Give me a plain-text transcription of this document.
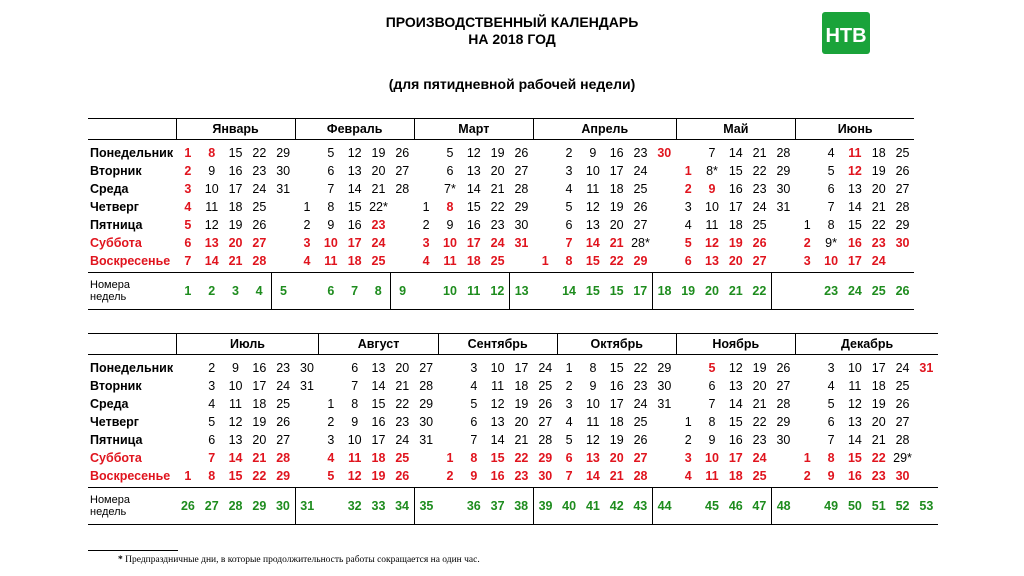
ПРОИЗВОДСТВЕННЫЙ КАЛЕНДАРЬ
НА 2018 ГОД
(для пятидневной рабочей недели)
НТВ
	Январь					Февраль					Март					Апрель						Май					Июнь				
Понедельник	1	8	15	22	29		5	12	19	26		5	12	19	26		2	9	16	23	30		7	14	21	28		4	11	18	25
Вторник	2	9	16	23	30		6	13	20	27		6	13	20	27		3	10	17	24		1	8*	15	22	29		5	12	19	26
Среда	3	10	17	24	31		7	14	21	28		7*	14	21	28		4	11	18	25		2	9	16	23	30		6	13	20	27
Четверг	4	11	18	25		1	8	15	22*		1	8	15	22	29		5	12	19	26		3	10	17	24	31		7	14	21	28
Пятница	5	12	19	26		2	9	16	23		2	9	16	23	30		6	13	20	27		4	11	18	25		1	8	15	22	29
Суббота	6	13	20	27		3	10	17	24		3	10	17	24	31		7	14	21	28*		5	12	19	26		2	9*	16	23	30
Воскресенье	7	14	21	28		4	11	18	25		4	11	18	25		1	8	15	22	29		6	13	20	27		3	10	17	24	
Номера
недель	1	2	3	4	5		6	7	8	9		10	11	12	13		14	15	15	17	18	19	20	21	22			23	24	25	26
	Июль						Август					Сентябрь					Октябрь					Ноябрь					Декабрь					
Понедельник		2	9	16	23	30		6	13	20	27		3	10	17	24	1	8	15	22	29		5	12	19	26		3	10	17	24	31
Вторник		3	10	17	24	31		7	14	21	28		4	11	18	25	2	9	16	23	30		6	13	20	27		4	11	18	25	
Среда		4	11	18	25		1	8	15	22	29		5	12	19	26	3	10	17	24	31		7	14	21	28		5	12	19	26	
Четверг		5	12	19	26		2	9	16	23	30		6	13	20	27	4	11	18	25		1	8	15	22	29		6	13	20	27	
Пятница		6	13	20	27		3	10	17	24	31		7	14	21	28	5	12	19	26		2	9	16	23	30		7	14	21	28	
Суббота		7	14	21	28		4	11	18	25		1	8	15	22	29	6	13	20	27		3	10	17	24		1	8	15	22	29*	
Воскресенье	1	8	15	22	29		5	12	19	26		2	9	16	23	30	7	14	21	28		4	11	18	25		2	9	16	23	30	
Номера
недель	26	27	28	29	30	31		32	33	34	35		36	37	38	39	40	41	42	43	44		45	46	47	48		49	50	51	52	53
* Предпраздничные дни, в которые продолжительность работы сокращается на один час.
